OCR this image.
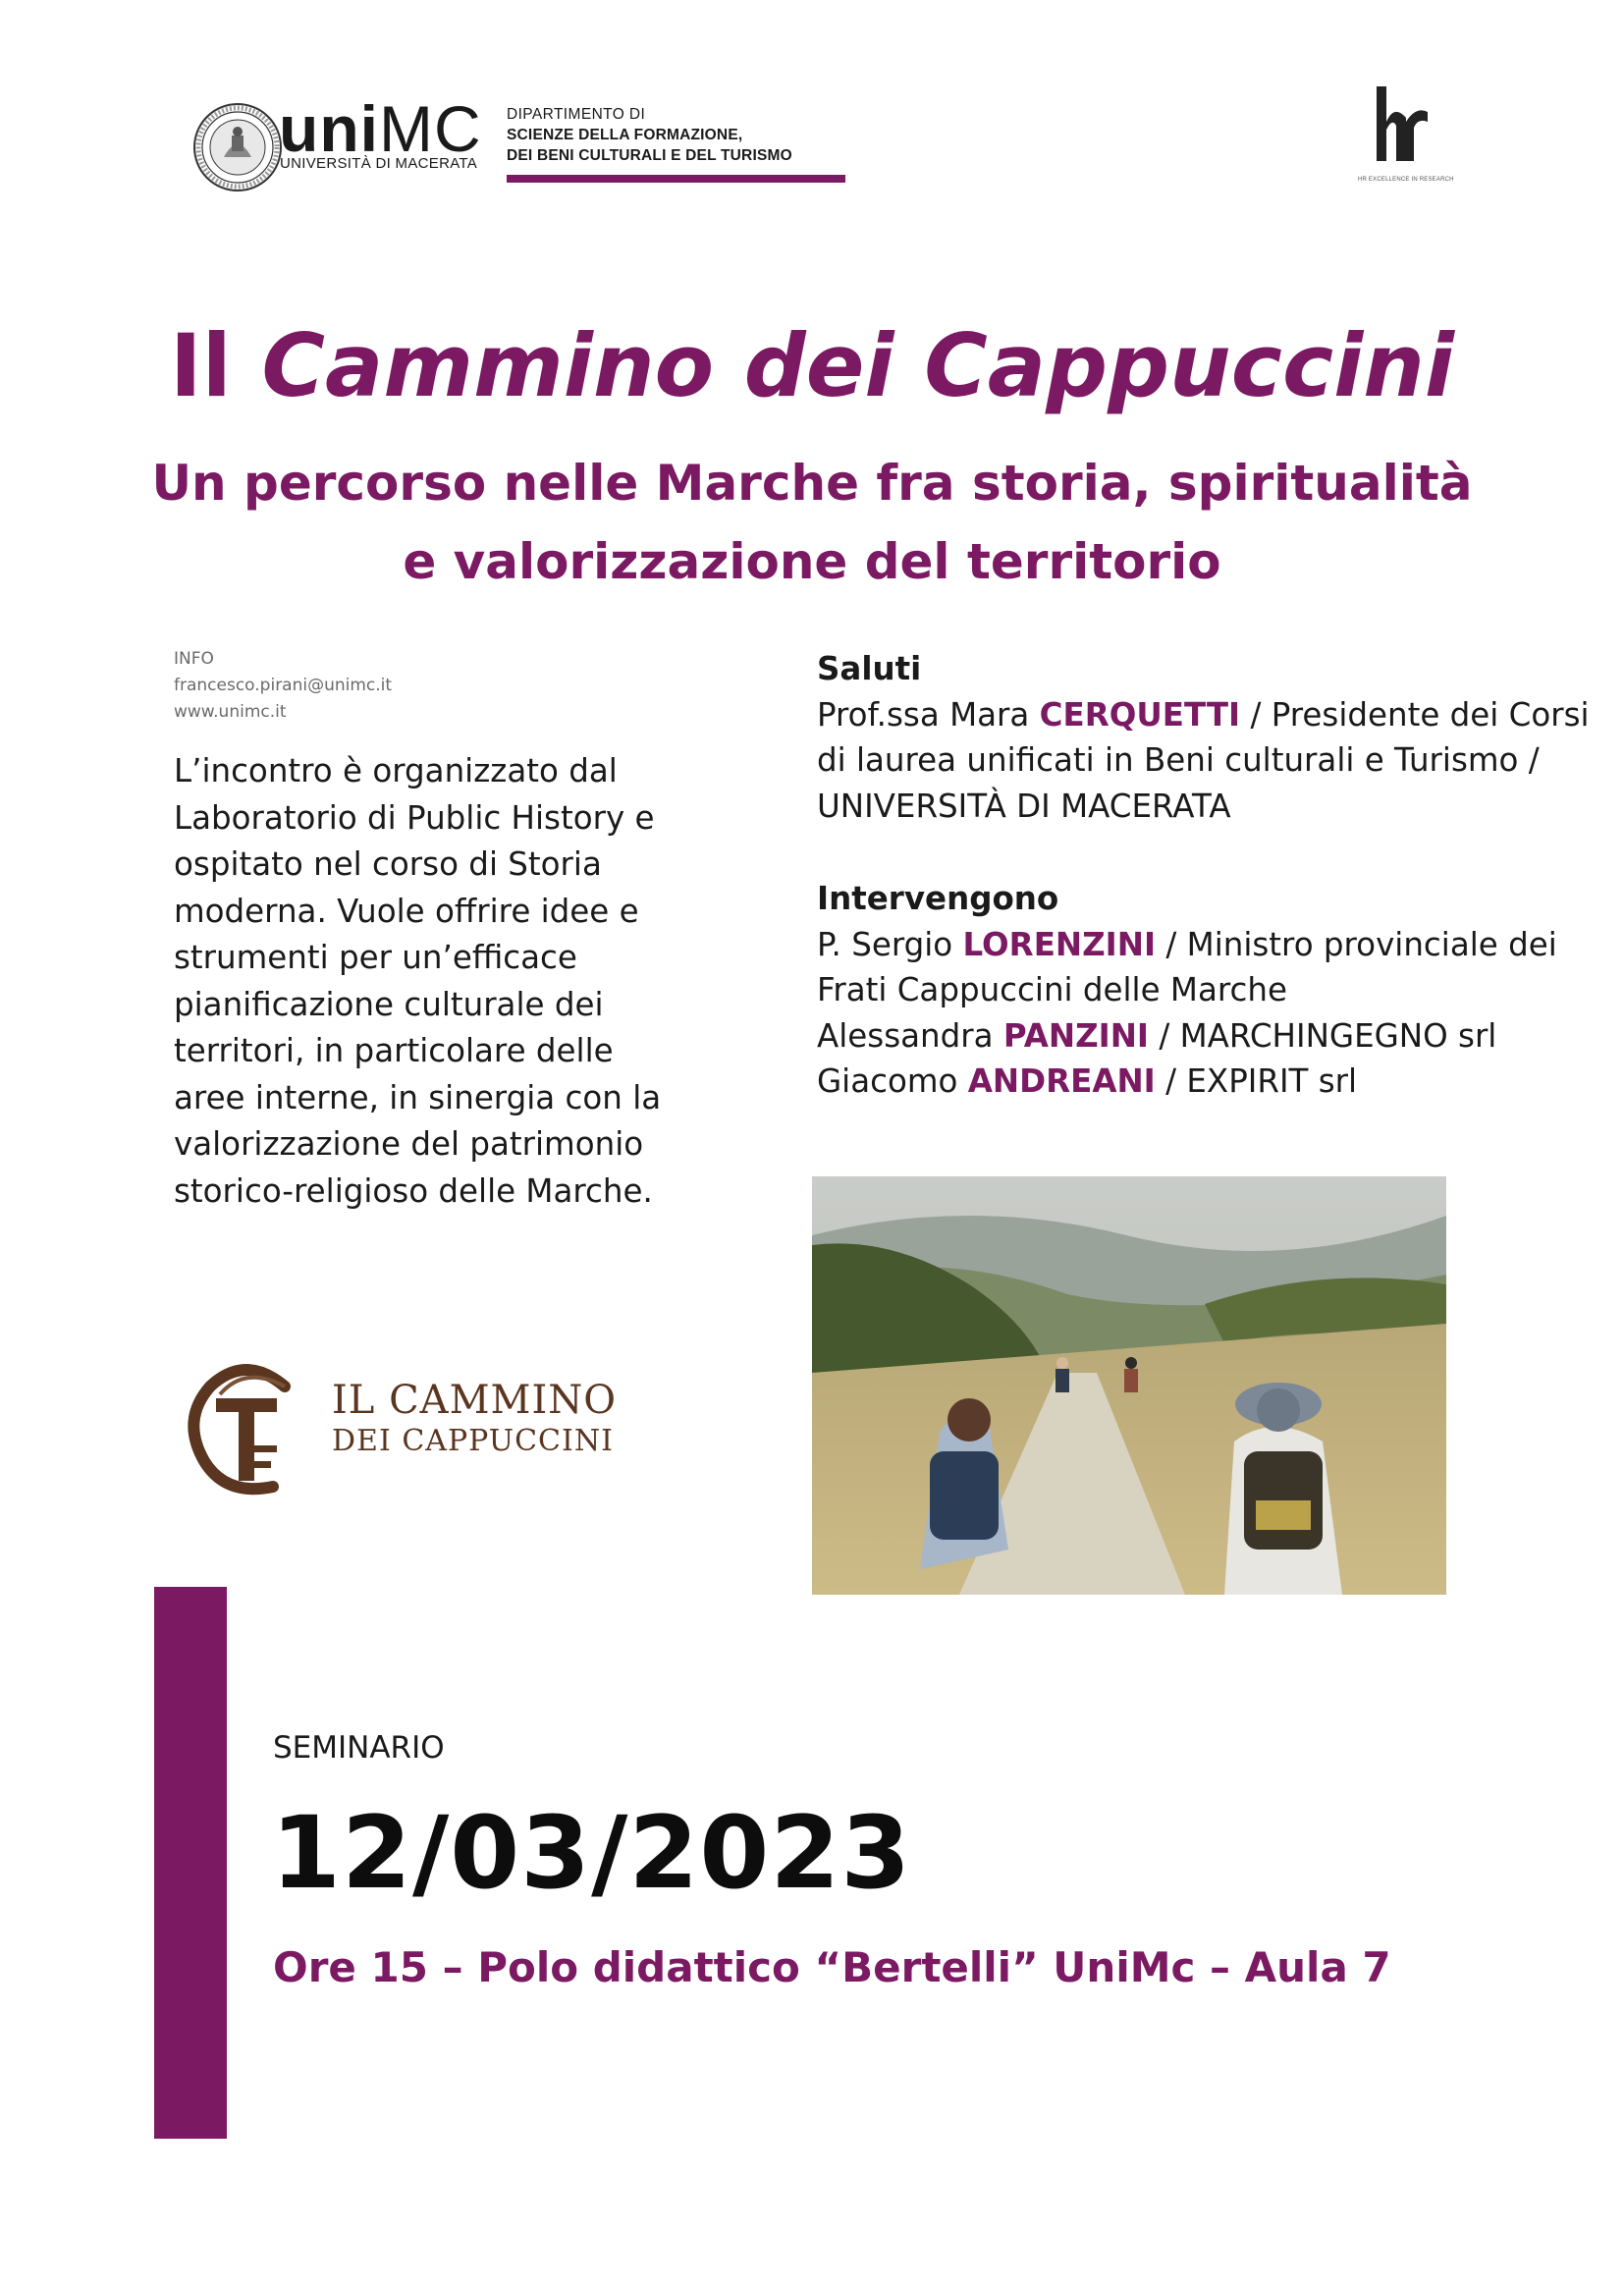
uniMC
UNIVERSITÀ DI MACERATA
DIPARTIMENTO DI
SCIENZE DELLA FORMAZIONE,
DEI BENI CULTURALI E DEL TURISMO
HR EXCELLENCE IN RESEARCH
Il Cammino dei Cappuccini
Un percorso nelle Marche fra storia, spiritualità
e valorizzazione del territorio
INFO
francesco.pirani@unimc.it
www.unimc.it
L’incontro è organizzato dal Laboratorio di Public History e ospitato nel corso di Storia moderna. Vuole offrire idee e strumenti per un’efficace pianificazione culturale dei territori, in particolare delle aree interne, in sinergia con la valorizzazione del patrimonio storico-religioso delle Marche.

Saluti

Prof.ssa Mara CERQUETTI / Presidente dei Corsi di laurea unificati in Beni culturali e Turismo / UNIVERSITÀ DI MACERATA

Intervengono

P. Sergio LORENZINI / Ministro provinciale dei Frati Cappuccini delle Marche

Alessandra PANZINI / MARCHINGEGNO srl

Giacomo ANDREANI / EXPIRIT srl

IL CAMMINO
DEI CAPPUCCINI
SEMINARIO
12/03/2023
Ore 15 – Polo didattico “Bertelli” UniMc – Aula 7
